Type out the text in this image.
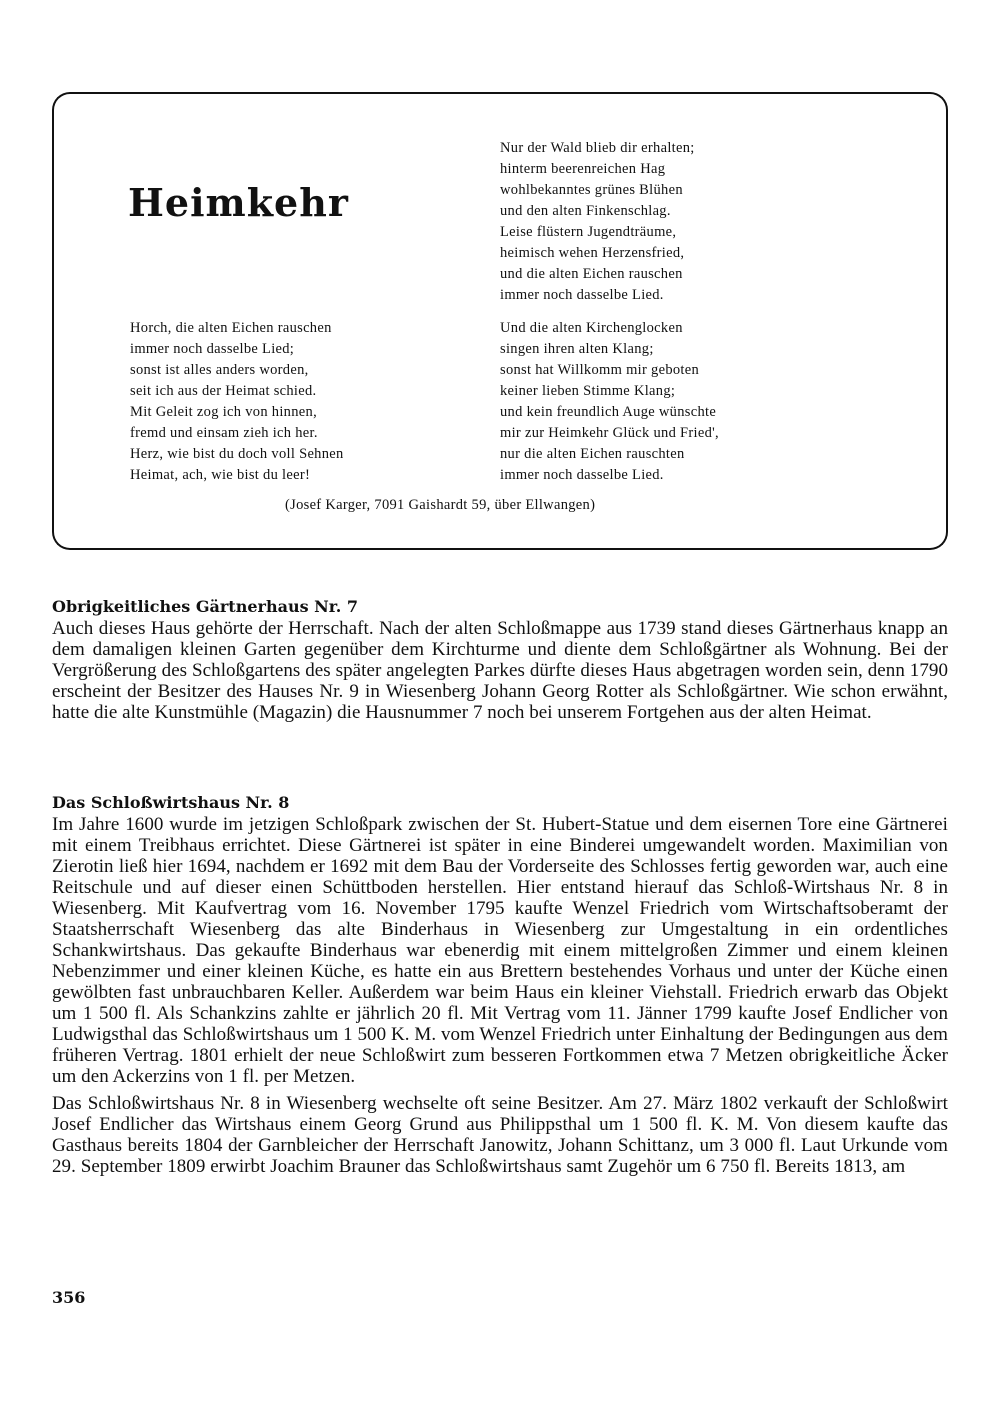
Heimkehr
Horch, die alten Eichen rauschen
immer noch dasselbe Lied;
sonst ist alles anders worden,
seit ich aus der Heimat schied.
Mit Geleit zog ich von hinnen,
fremd und einsam zieh ich her.
Herz, wie bist du doch voll Sehnen
Heimat, ach, wie bist du leer!
Nur der Wald blieb dir erhalten;
hinterm beerenreichen Hag
wohlbekanntes grünes Blühen
und den alten Finkenschlag.
Leise flüstern Jugendträume,
heimisch wehen Herzensfried,
und die alten Eichen rauschen
immer noch dasselbe Lied.
Und die alten Kirchenglocken
singen ihren alten Klang;
sonst hat Willkomm mir geboten
keiner lieben Stimme Klang;
und kein freundlich Auge wünschte
mir zur Heimkehr Glück und Fried',
nur die alten Eichen rauschten
immer noch dasselbe Lied.
(Josef Karger, 7091 Gaishardt 59, über Ellwangen)
Obrigkeitliches Gärtnerhaus Nr. 7

Auch dieses Haus gehörte der Herrschaft. Nach der alten Schloßmappe aus 1739 stand dieses Gärtnerhaus knapp an dem damaligen kleinen Garten gegenüber dem Kirchturme und diente dem Schloßgärtner als Wohnung. Bei der Vergrößerung des Schloßgartens des später angelegten Parkes dürfte dieses Haus abgetragen worden sein, denn 1790 erscheint der Besitzer des Hauses Nr. 9 in Wiesenberg Johann Georg Rotter als Schloßgärtner. Wie schon erwähnt, hatte die alte Kunstmühle (Magazin) die Hausnummer 7 noch bei unserem Fortgehen aus der alten Heimat.

Das Schloßwirtshaus Nr. 8

Im Jahre 1600 wurde im jetzigen Schloßpark zwischen der St. Hubert-Statue und dem eisernen Tore eine Gärtnerei mit einem Treibhaus errichtet. Diese Gärtnerei ist später in eine Binderei umgewandelt worden. Maximilian von Zierotin ließ hier 1694, nachdem er 1692 mit dem Bau der Vorderseite des Schlosses fertig geworden war, auch eine Reitschule und auf dieser einen Schüttboden herstellen. Hier entstand hierauf das Schloß-Wirtshaus Nr. 8 in Wiesenberg. Mit Kaufvertrag vom 16. November 1795 kaufte Wenzel Friedrich vom Wirtschaftsoberamt der Staatsherrschaft Wiesenberg das alte Binderhaus in Wiesenberg zur Umgestaltung in ein ordentliches Schankwirtshaus. Das gekaufte Binderhaus war ebenerdig mit einem mittelgroßen Zimmer und einem kleinen Nebenzimmer und einer kleinen Küche, es hatte ein aus Brettern bestehendes Vorhaus und unter der Küche einen gewölbten fast unbrauchbaren Keller. Außerdem war beim Haus ein kleiner Viehstall. Friedrich erwarb das Objekt um 1 500 fl. Als Schankzins zahlte er jährlich 20 fl. Mit Vertrag vom 11. Jänner 1799 kaufte Josef Endlicher von Ludwigsthal das Schloßwirtshaus um 1 500 K. M. vom Wenzel Friedrich unter Einhaltung der Bedingungen aus dem früheren Vertrag. 1801 erhielt der neue Schloßwirt zum besseren Fortkommen etwa 7 Metzen obrigkeitliche Äcker um den Ackerzins von 1 fl. per Metzen.

Das Schloßwirtshaus Nr. 8 in Wiesenberg wechselte oft seine Besitzer. Am 27. März 1802 verkauft der Schloßwirt Josef Endlicher das Wirtshaus einem Georg Grund aus Philippsthal um 1 500 fl. K. M. Von diesem kaufte das Gasthaus bereits 1804 der Garnbleicher der Herrschaft Janowitz, Johann Schittanz, um 3 000 fl. Laut Urkunde vom 29. September 1809 erwirbt Joachim Brauner das Schloßwirtshaus samt Zugehör um 6 750 fl. Bereits 1813, am

356
